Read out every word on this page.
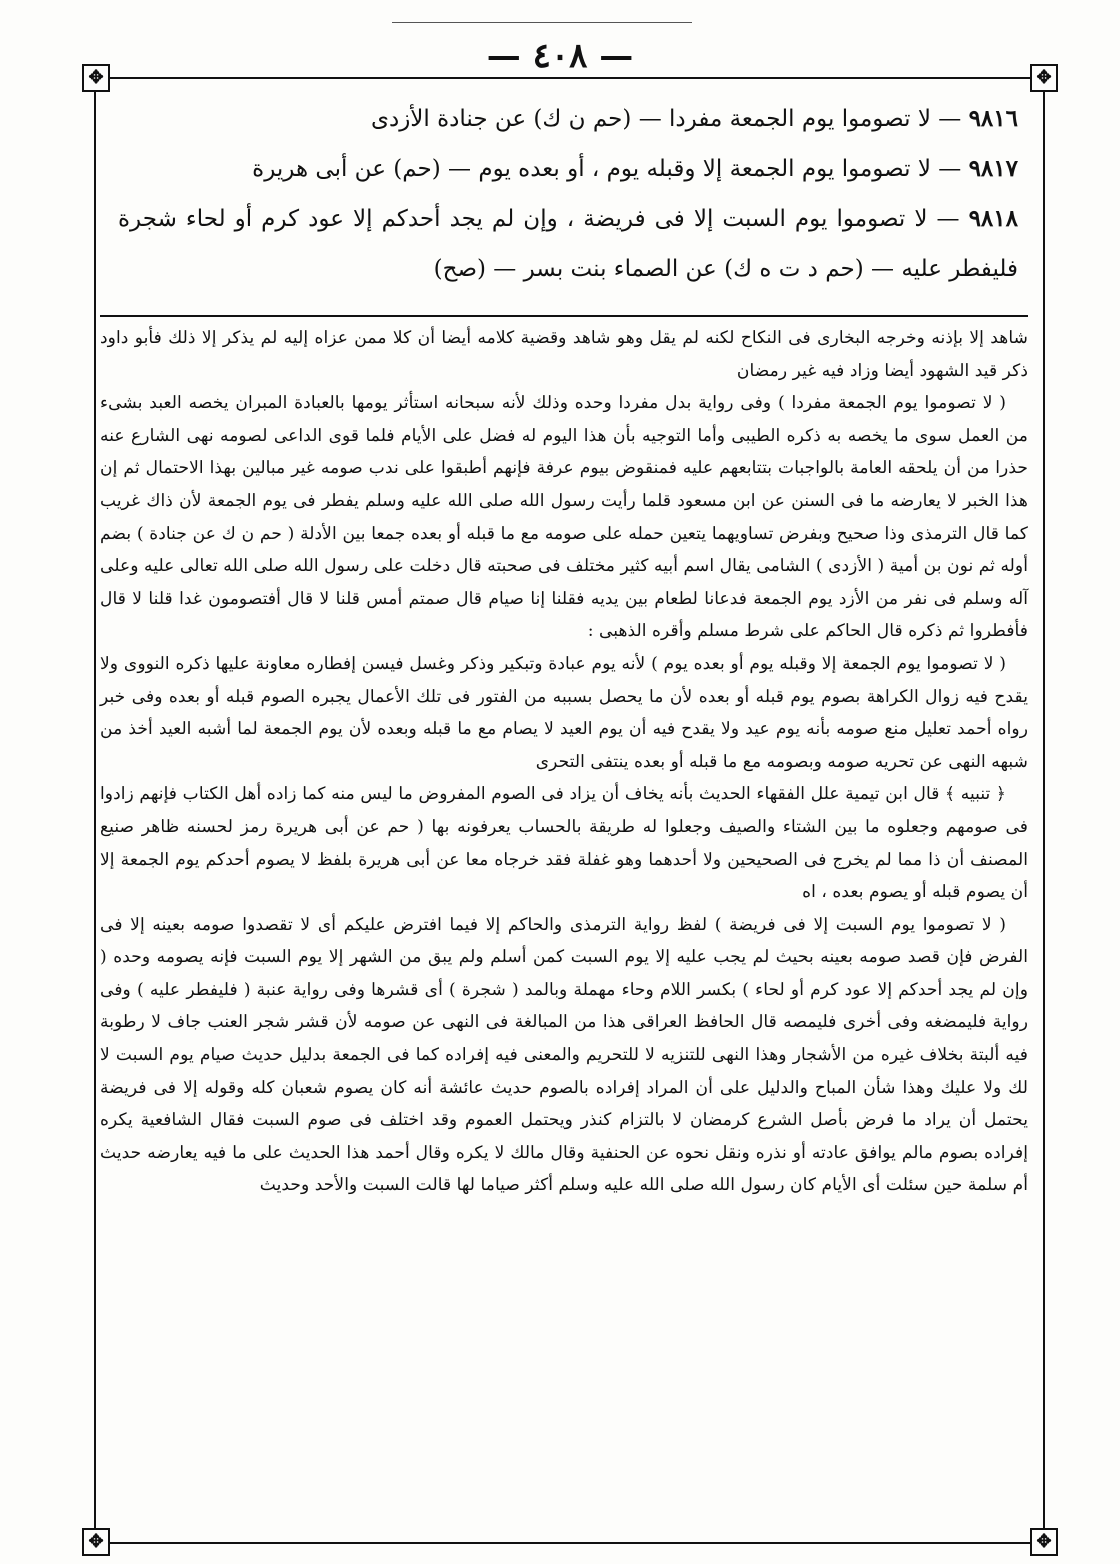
— ٤٠٨ —
✥	✥
✥	✥
٩٨١٦ — لا تصوموا يوم الجمعة مفردا — (حم ن ك) عن جنادة الأزدى
٩٨١٧ — لا تصوموا يوم الجمعة إلا وقبله يوم ، أو بعده يوم — (حم) عن أبى هريرة
٩٨١٨ — لا تصوموا يوم السبت إلا فى فريضة ، وإن لم يجد أحدكم إلا عود كرم أو لحاء شجرة فليفطر عليه — (حم د ت ه ك) عن الصماء بنت بسر — (صح)

شاهد إلا بإذنه وخرجه البخارى فى النكاح لكنه لم يقل وهو شاهد وقضية كلامه أيضا أن كلا ممن عزاه إليه لم يذكر إلا ذلك فأبو داود ذكر قيد الشهود أيضا وزاد فيه غير رمضان

( لا تصوموا يوم الجمعة مفردا ) وفى رواية بدل مفردا وحده وذلك لأنه سبحانه استأثر يومها بالعبادة المبران يخصه العبد بشىء من العمل سوى ما يخصه به ذكره الطيبى وأما التوجيه بأن هذا اليوم له فضل على الأيام فلما قوى الداعى لصومه نهى الشارع عنه حذرا من أن يلحقه العامة بالواجبات بتتابعهم عليه فمنقوض بيوم عرفة فإنهم أطبقوا على ندب صومه غير مبالين بهذا الاحتمال ثم إن هذا الخبر لا يعارضه ما فى السنن عن ابن مسعود قلما رأيت رسول الله صلى الله عليه وسلم يفطر فى يوم الجمعة لأن ذاك غريب كما قال الترمذى وذا صحيح وبفرض تساويهما يتعين حمله على صومه مع ما قبله أو بعده جمعا بين الأدلة ( حم ن ك عن جنادة ) بضم أوله ثم نون بن أمية ( الأزدى ) الشامى يقال اسم أبيه كثير مختلف فى صحبته قال دخلت على رسول الله صلى الله تعالى عليه وعلى آله وسلم فى نفر من الأزد يوم الجمعة فدعانا لطعام بين يديه فقلنا إنا صيام قال صمتم أمس قلنا لا قال أفتصومون غدا قلنا لا قال فأفطروا ثم ذكره قال الحاكم على شرط مسلم وأقره الذهبى :

( لا تصوموا يوم الجمعة إلا وقبله يوم أو بعده يوم ) لأنه يوم عبادة وتبكير وذكر وغسل فيسن إفطاره معاونة عليها ذكره النووى ولا يقدح فيه زوال الكراهة بصوم يوم قبله أو بعده لأن ما يحصل بسببه من الفتور فى تلك الأعمال يجبره الصوم قبله أو بعده وفى خبر رواه أحمد تعليل منع صومه بأنه يوم عيد ولا يقدح فيه أن يوم العيد لا يصام مع ما قبله وبعده لأن يوم الجمعة لما أشبه العيد أخذ من شبهه النهى عن تحريه صومه وبصومه مع ما قبله أو بعده ينتفى التحرى

﴿ تنبيه ﴾ قال ابن تيمية علل الفقهاء الحديث بأنه يخاف أن يزاد فى الصوم المفروض ما ليس منه كما زاده أهل الكتاب فإنهم زادوا فى صومهم وجعلوه ما بين الشتاء والصيف وجعلوا له طريقة بالحساب يعرفونه بها ( حم عن أبى هريرة رمز لحسنه ظاهر صنيع المصنف أن ذا مما لم يخرج فى الصحيحين ولا أحدهما وهو غفلة فقد خرجاه معا عن أبى هريرة بلفظ لا يصوم أحدكم يوم الجمعة إلا أن يصوم قبله أو يصوم بعده ، اه

( لا تصوموا يوم السبت إلا فى فريضة ) لفظ رواية الترمذى والحاكم إلا فيما افترض عليكم أى لا تقصدوا صومه بعينه إلا فى الفرض فإن قصد صومه بعينه بحيث لم يجب عليه إلا يوم السبت كمن أسلم ولم يبق من الشهر إلا يوم السبت فإنه يصومه وحده ( وإن لم يجد أحدكم إلا عود كرم أو لحاء ) بكسر اللام وحاء مهملة وبالمد ( شجرة ) أى قشرها وفى رواية عنبة ( فليفطر عليه ) وفى رواية فليمضغه وفى أخرى فليمصه قال الحافظ العراقى هذا من المبالغة فى النهى عن صومه لأن قشر شجر العنب جاف لا رطوبة فيه ألبتة بخلاف غيره من الأشجار وهذا النهى للتنزيه لا للتحريم والمعنى فيه إفراده كما فى الجمعة بدليل حديث صيام يوم السبت لا لك ولا عليك وهذا شأن المباح والدليل على أن المراد إفراده بالصوم حديث عائشة أنه كان يصوم شعبان كله وقوله إلا فى فريضة يحتمل أن يراد ما فرض بأصل الشرع كرمضان لا بالتزام كنذر ويحتمل العموم وقد اختلف فى صوم السبت فقال الشافعية يكره إفراده بصوم مالم يوافق عادته أو نذره ونقل نحوه عن الحنفية وقال مالك لا يكره وقال أحمد هذا الحديث على ما فيه يعارضه حديث أم سلمة حين سئلت أى الأيام كان رسول الله صلى الله عليه وسلم أكثر صياما لها قالت السبت والأحد وحديث
